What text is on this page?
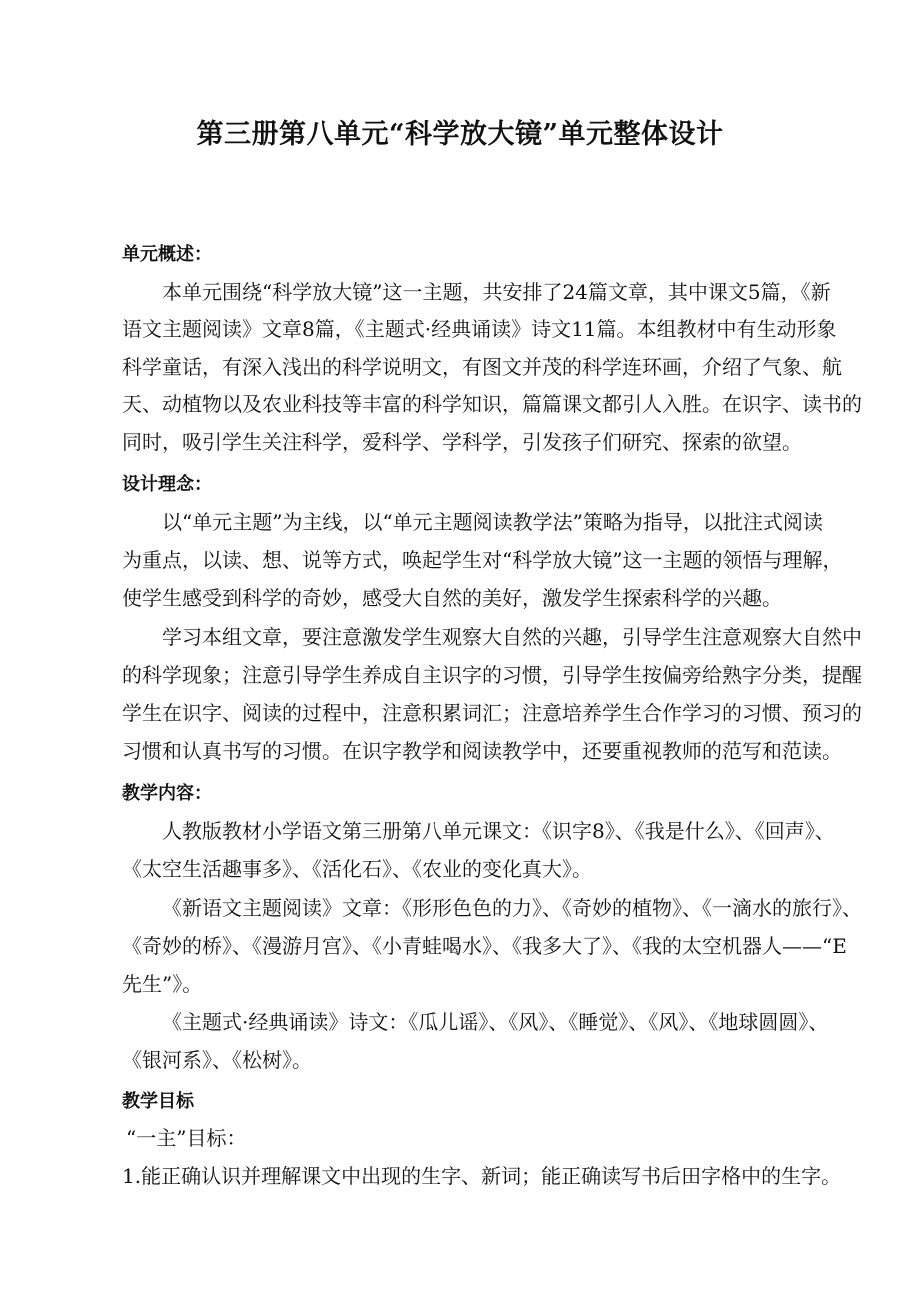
第三册第八单元“科学放大镜”单元整体设计
单元概述：
本单元围绕“科学放大镜”这一主题，共安排了24篇文章，其中课文5篇，《新
语文主题阅读》文章8篇，《主题式·经典诵读》诗文11篇。本组教材中有生动形象
科学童话，有深入浅出的科学说明文，有图文并茂的科学连环画，介绍了气象、航
天、动植物以及农业科技等丰富的科学知识，篇篇课文都引人入胜。在识字、读书的
同时，吸引学生关注科学，爱科学、学科学，引发孩子们研究、探索的欲望。
设计理念：
以“单元主题”为主线，以“单元主题阅读教学法”策略为指导，以批注式阅读
为重点，以读、想、说等方式，唤起学生对“科学放大镜”这一主题的领悟与理解，
使学生感受到科学的奇妙，感受大自然的美好，激发学生探索科学的兴趣。
学习本组文章，要注意激发学生观察大自然的兴趣，引导学生注意观察大自然中
的科学现象；注意引导学生养成自主识字的习惯，引导学生按偏旁给熟字分类，提醒
学生在识字、阅读的过程中，注意积累词汇；注意培养学生合作学习的习惯、预习的
习惯和认真书写的习惯。在识字教学和阅读教学中，还要重视教师的范写和范读。
教学内容：
人教版教材小学语文第三册第八单元课文：《识字8》、《我是什么》、《回声》、
《太空生活趣事多》、《活化石》、《农业的变化真大》。
《新语文主题阅读》文章：《形形色色的力》、《奇妙的植物》、《一滴水的旅行》、
《奇妙的桥》、《漫游月宫》、《小青蛙喝水》、《我多大了》、《我的太空机器人——“E
先生”》。
《主题式·经典诵读》诗文：《瓜儿谣》、《风》、《睡觉》、《风》、《地球圆圆》、
《银河系》、《松树》。
教学目标
“一主”目标：
1.能正确认识并理解课文中出现的生字、新词；能正确读写书后田字格中的生字。
